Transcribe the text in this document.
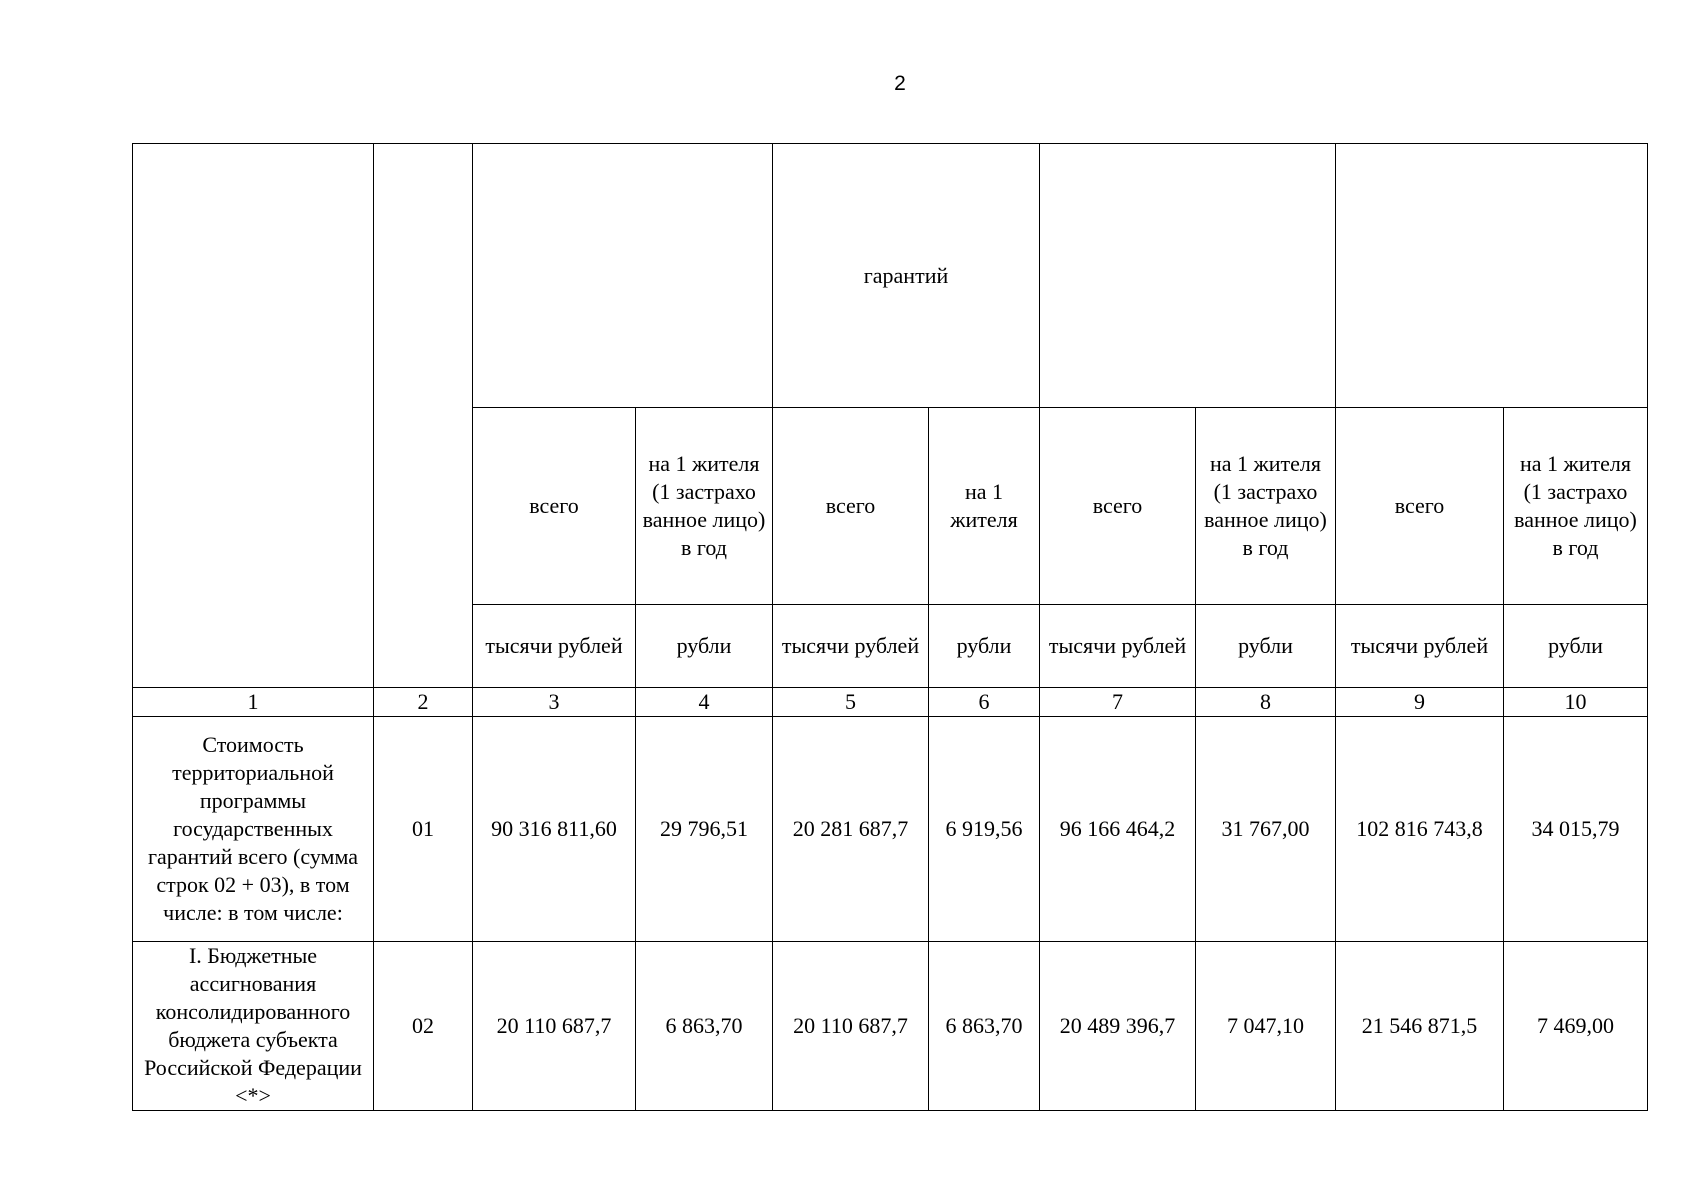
2
				гарантий					
		всего	на 1 жителя (1 застрахо ванное лицо) в год	всего	на 1 жителя	всего	на 1 жителя (1 застрахо ванное лицо) в год	всего	на 1 жителя (1 застрахо ванное лицо) в год
		тысячи рублей	рубли	тысячи рублей	рубли	тысячи рублей	рубли	тысячи рублей	рубли
1	2	3	4	5	6	7	8	9	10
Стоимость территориальной программы государственных гарантий всего (сумма строк 02 + 03), в том числе: в том числе:	01	90 316 811,60	29 796,51	20 281 687,7	6 919,56	96 166 464,2	31 767,00	102 816 743,8	34 015,79
I. Бюджетные ассигнования консолидированного бюджета субъекта Российской Федерации <*>	02	20 110 687,7	6 863,70	20 110 687,7	6 863,70	20 489 396,7	7 047,10	21 546 871,5	7 469,00
